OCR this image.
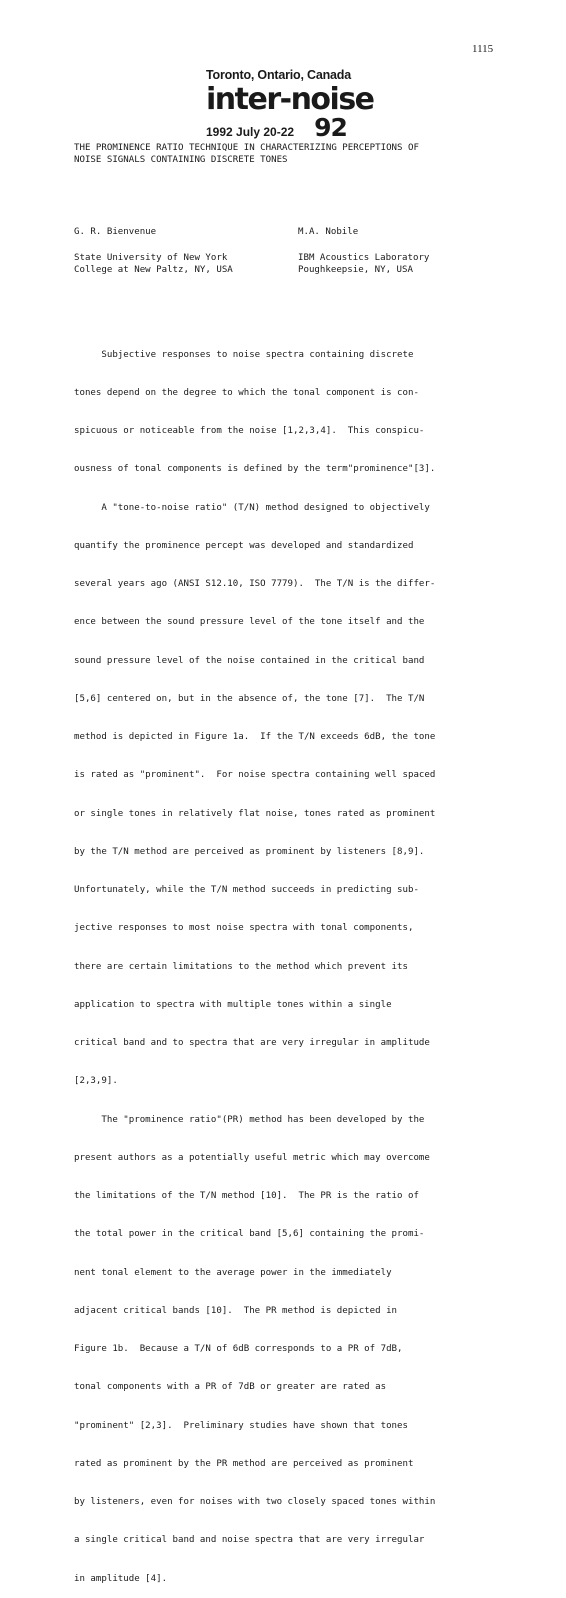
1115
Toronto, Ontario, Canada
inter-noise
1992 July 20-22 92
THE PROMINENCE RATIO TECHNIQUE IN CHARACTERIZING PERCEPTIONS OF
NOISE SIGNALS CONTAINING DISCRETE TONES
G. R. Bienvenue	M.A. Nobile
State University of New York
College at New Paltz, NY, USA
IBM Acoustics Laboratory
Poughkeepsie, NY, USA

Subjective responses to noise spectra containing discrete

tones depend on the degree to which the tonal component is con-

spicuous or noticeable from the noise [1,2,3,4].  This conspicu-

ousness of tonal components is defined by the term"prominence"[3].

A "tone-to-noise ratio" (T/N) method designed to objectively

quantify the prominence percept was developed and standardized

several years ago (ANSI S12.10, ISO 7779).  The T/N is the differ-

ence between the sound pressure level of the tone itself and the

sound pressure level of the noise contained in the critical band

[5,6] centered on, but in the absence of, the tone [7].  The T/N

method is depicted in Figure 1a.  If the T/N exceeds 6dB, the tone

is rated as "prominent".  For noise spectra containing well spaced

or single tones in relatively flat noise, tones rated as prominent

by the T/N method are perceived as prominent by listeners [8,9].

Unfortunately, while the T/N method succeeds in predicting sub-

jective responses to most noise spectra with tonal components,

there are certain limitations to the method which prevent its

application to spectra with multiple tones within a single

critical band and to spectra that are very irregular in amplitude

[2,3,9].

The "prominence ratio"(PR) method has been developed by the

present authors as a potentially useful metric which may overcome

the limitations of the T/N method [10].  The PR is the ratio of

the total power in the critical band [5,6] containing the promi-

nent tonal element to the average power in the immediately

adjacent critical bands [10].  The PR method is depicted in

Figure 1b.  Because a T/N of 6dB corresponds to a PR of 7dB,

tonal components with a PR of 7dB or greater are rated as

"prominent" [2,3].  Preliminary studies have shown that tones

rated as prominent by the PR method are perceived as prominent

by listeners, even for noises with two closely spaced tones within

a single critical band and noise spectra that are very irregular

in amplitude [4].
